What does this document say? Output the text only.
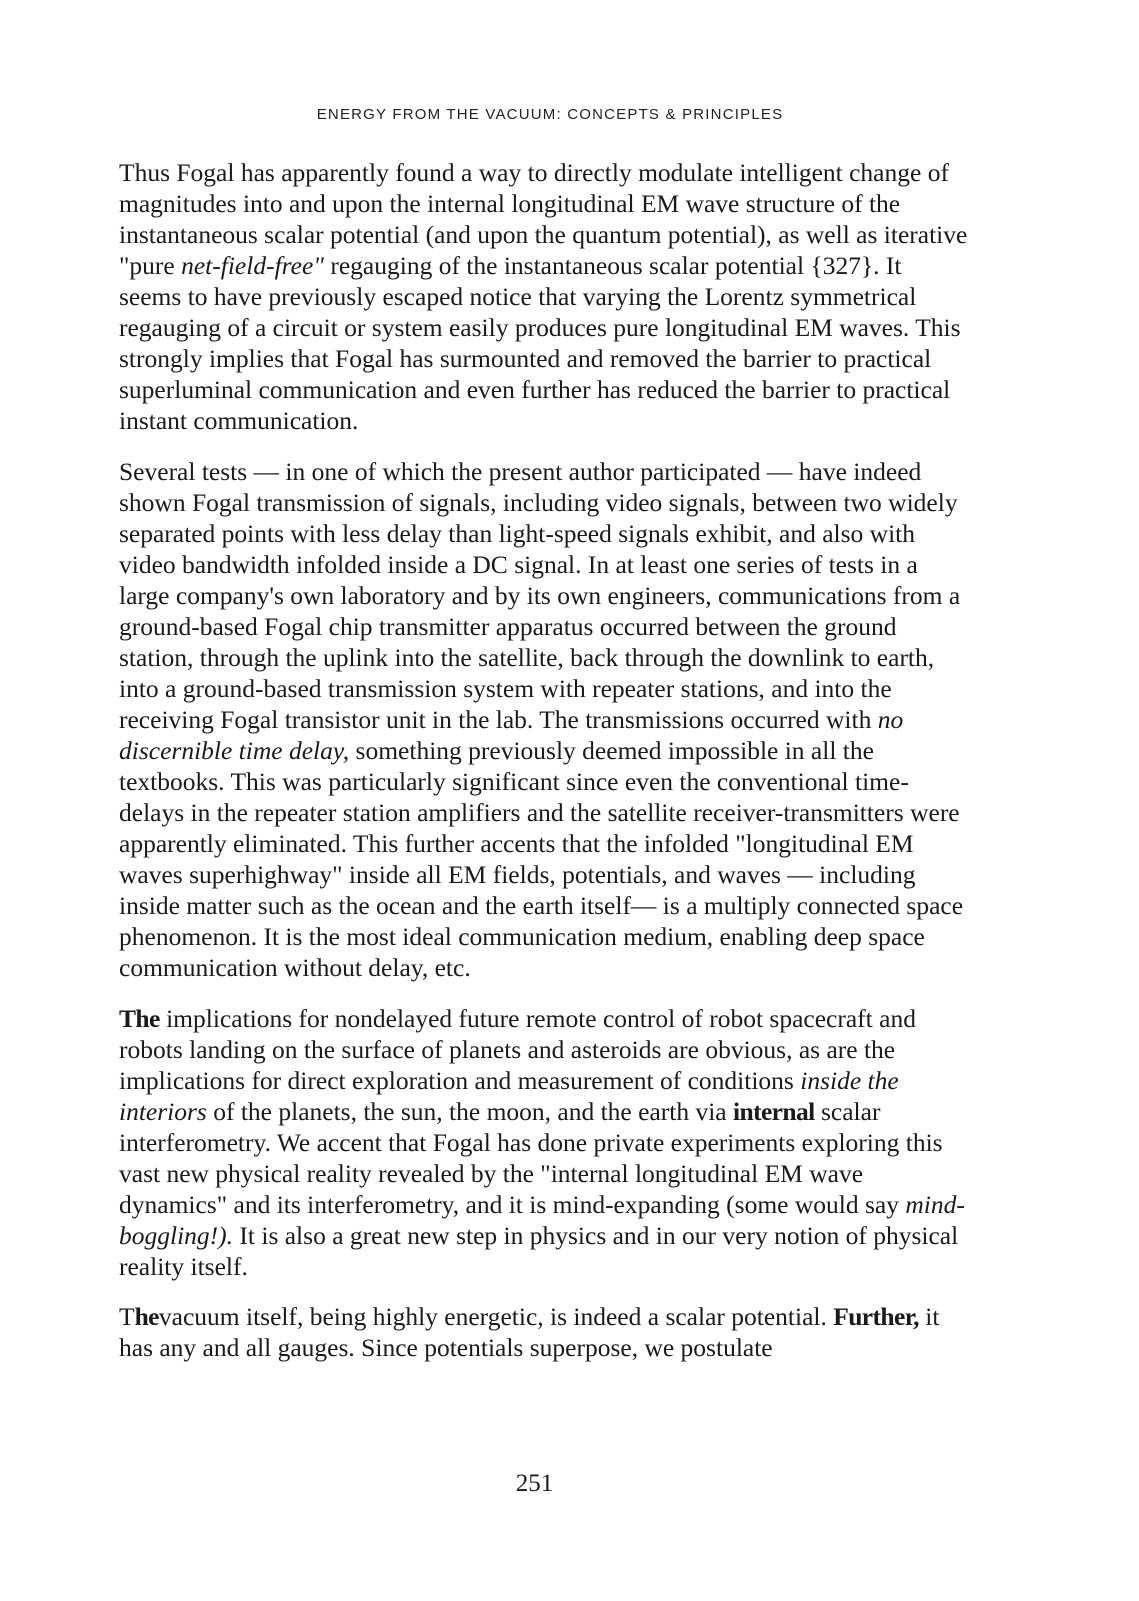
ENERGY FROM THE VACUUM: CONCEPTS & PRINCIPLES

Thus Fogal has apparently found a way to directly modulate intelligent change of magnitudes into and upon the internal longitudinal EM wave structure of the instantaneous scalar potential (and upon the quantum potential), as well as iterative "pure net-field-free" regauging of the instantaneous scalar potential {327}. It seems to have previously escaped notice that varying the Lorentz symmetrical regauging of a circuit or system easily produces pure longitudinal EM waves. This strongly implies that Fogal has surmounted and removed the barrier to practical superluminal communication and even further has reduced the barrier to practical instant communication.

Several tests — in one of which the present author participated — have indeed shown Fogal transmission of signals, including video signals, between two widely separated points with less delay than light-speed signals exhibit, and also with video bandwidth infolded inside a DC signal. In at least one series of tests in a large company's own laboratory and by its own engineers, communications from a ground-based Fogal chip transmitter apparatus occurred between the ground station, through the uplink into the satellite, back through the downlink to earth, into a ground-based transmission system with repeater stations, and into the receiving Fogal transistor unit in the lab. The transmissions occurred with no discernible time delay, something previously deemed impossible in all the textbooks. This was particularly significant since even the conventional time-delays in the repeater station amplifiers and the satellite receiver-transmitters were apparently eliminated. This further accents that the infolded "longitudinal EM waves superhighway" inside all EM fields, potentials, and waves — including inside matter such as the ocean and the earth itself— is a multiply connected space phenomenon. It is the most ideal communication medium, enabling deep space communication without delay, etc.

The implications for nondelayed future remote control of robot spacecraft and robots landing on the surface of planets and asteroids are obvious, as are the implications for direct exploration and measurement of conditions inside the interiors of the planets, the sun, the moon, and the earth via internal scalar interferometry. We accent that Fogal has done private experiments exploring this vast new physical reality revealed by the "internal longitudinal EM wave dynamics" and its interferometry, and it is mind-expanding (some would say mind-boggling!). It is also a great new step in physics and in our very notion of physical reality itself.

Thevacuum itself, being highly energetic, is indeed a scalar potential. Further, it has any and all gauges. Since potentials superpose, we postulate

251
